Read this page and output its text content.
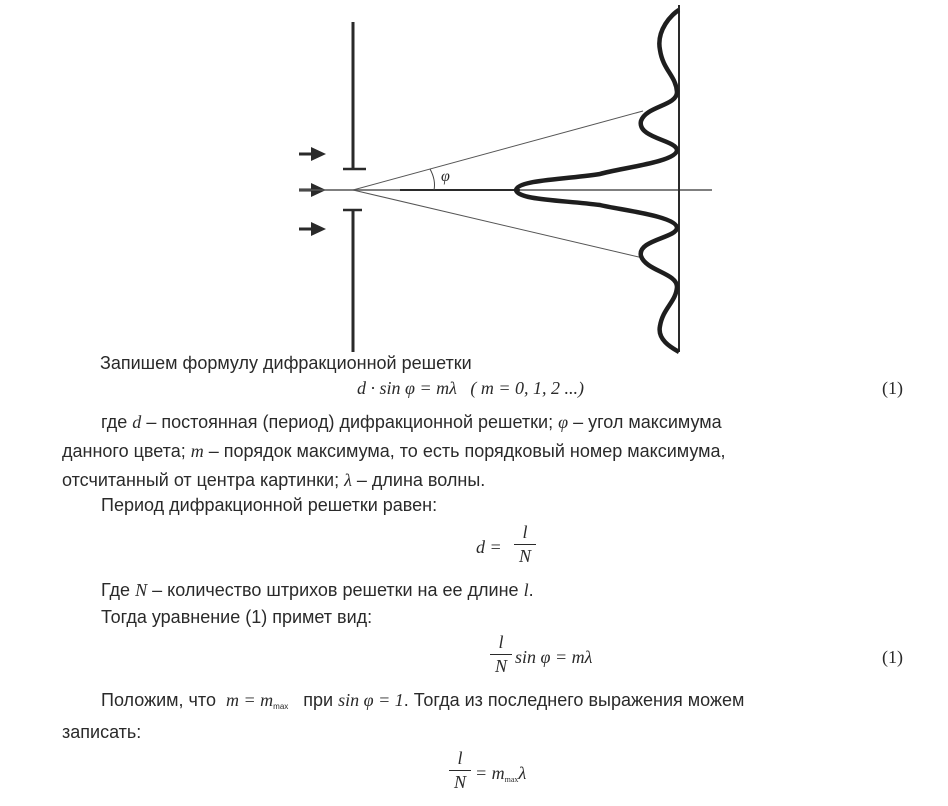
φ
Запишем формулу дифракционной решетки
d · sin φ = mλ ( m = 0, 1, 2 ...)	(1)
где d – постоянная (период) дифракционной решетки; φ – угол максимума
данного цвета; m – порядок максимума, то есть порядковый номер максимума,
отсчитанный от центра картинки; λ – длина волны.
Период дифракционной решетки равен:
d =
l
N
Где N – количество штрихов решетки на ее длине l.
Тогда уравнение (1) примет вид:
l
N sin φ = mλ	(1)
Положим, что $m = m_{max}$ при sin φ = 1. Тогда из последнего выражения можем
записать:
l
$N = m_{max}\lambda$
